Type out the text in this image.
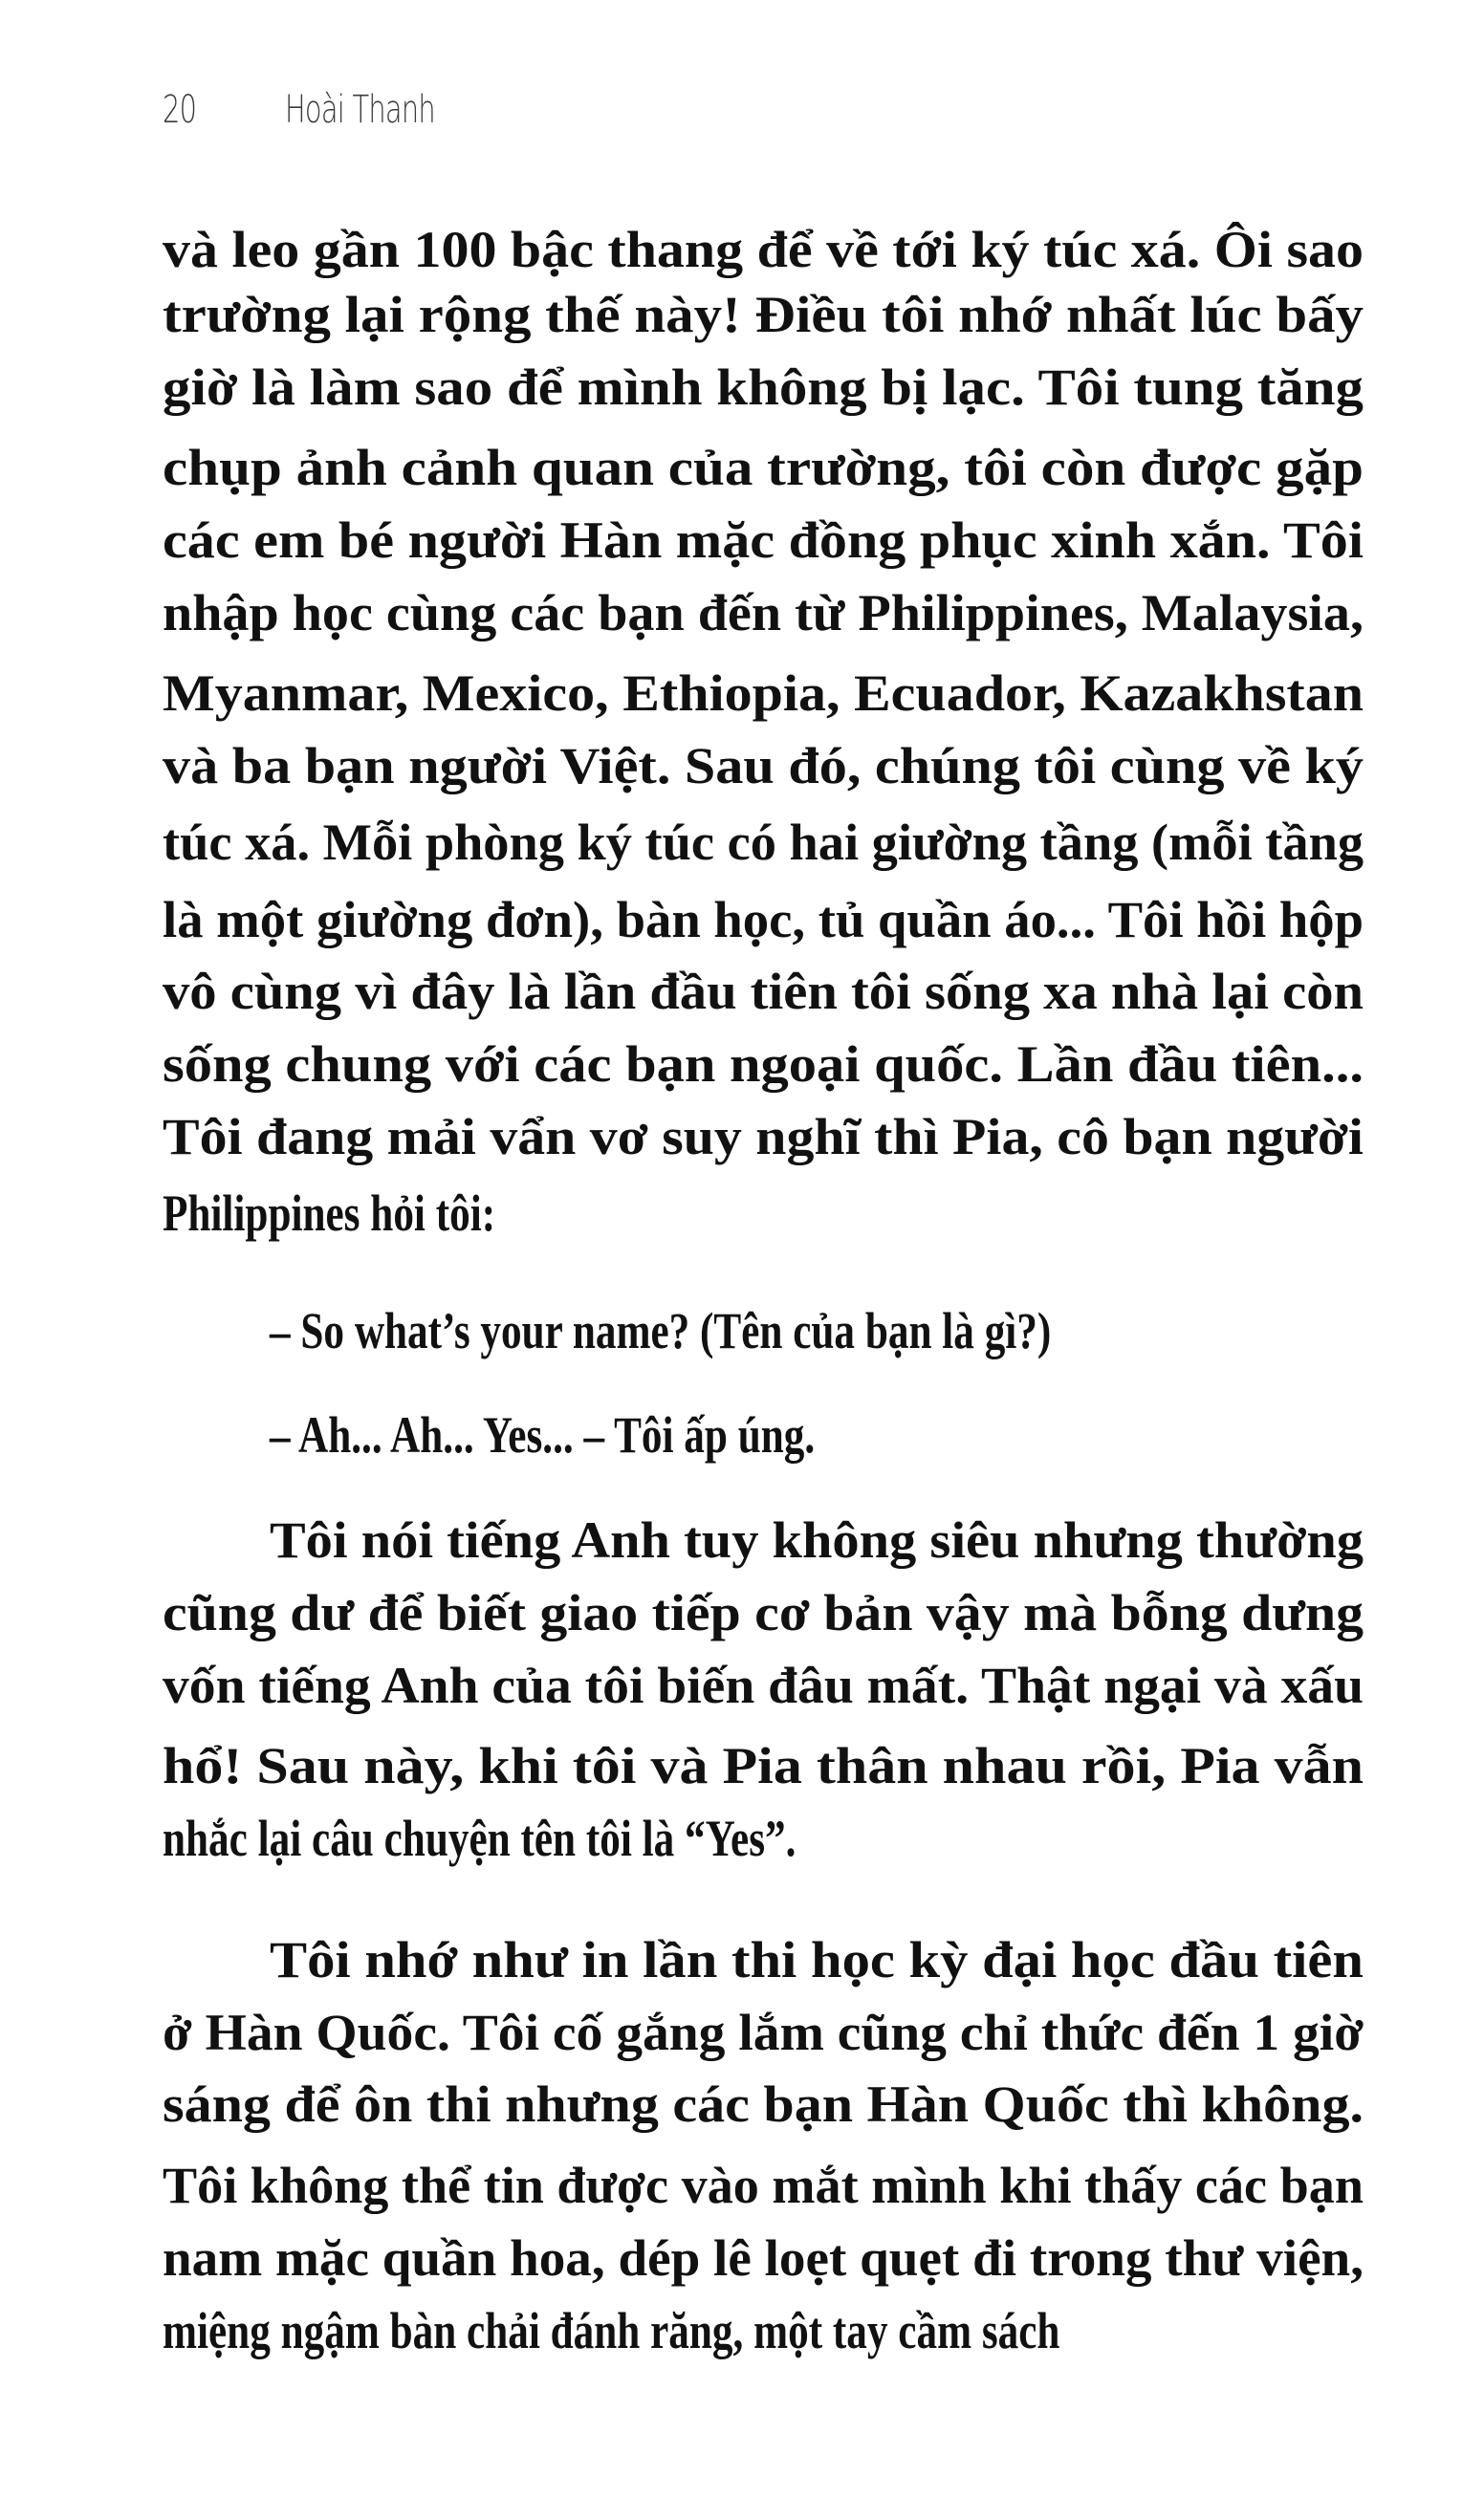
20 Hoài Thanh
và leo gần 100 bậc thang để về tới ký túc xá. Ôi sao
trường lại rộng thế này! Điều tôi nhớ nhất lúc bấy
giờ là làm sao để mình không bị lạc. Tôi tung tăng
chụp ảnh cảnh quan của trường, tôi còn được gặp
các em bé người Hàn mặc đồng phục xinh xắn. Tôi
nhập học cùng các bạn đến từ Philippines, Malaysia,
Myanmar, Mexico, Ethiopia, Ecuador, Kazakhstan
và ba bạn người Việt. Sau đó, chúng tôi cùng về ký
túc xá. Mỗi phòng ký túc có hai giường tầng (mỗi tầng
là một giường đơn), bàn học, tủ quần áo... Tôi hồi hộp
vô cùng vì đây là lần đầu tiên tôi sống xa nhà lại còn
sống chung với các bạn ngoại quốc. Lần đầu tiên...
Tôi đang mải vẩn vơ suy nghĩ thì Pia, cô bạn người
Philippines hỏi tôi:
– So what’s your name? (Tên của bạn là gì?)
– Ah... Ah... Yes... – Tôi ấp úng.
Tôi nói tiếng Anh tuy không siêu nhưng thường
cũng dư để biết giao tiếp cơ bản vậy mà bỗng dưng
vốn tiếng Anh của tôi biến đâu mất. Thật ngại và xấu
hổ! Sau này, khi tôi và Pia thân nhau rồi, Pia vẫn
nhắc lại câu chuyện tên tôi là “Yes”.
Tôi nhớ như in lần thi học kỳ đại học đầu tiên
ở Hàn Quốc. Tôi cố gắng lắm cũng chỉ thức đến 1 giờ
sáng để ôn thi nhưng các bạn Hàn Quốc thì không.
Tôi không thể tin được vào mắt mình khi thấy các bạn
nam mặc quần hoa, dép lê loẹt quẹt đi trong thư viện,
miệng ngậm bàn chải đánh răng, một tay cầm sách
